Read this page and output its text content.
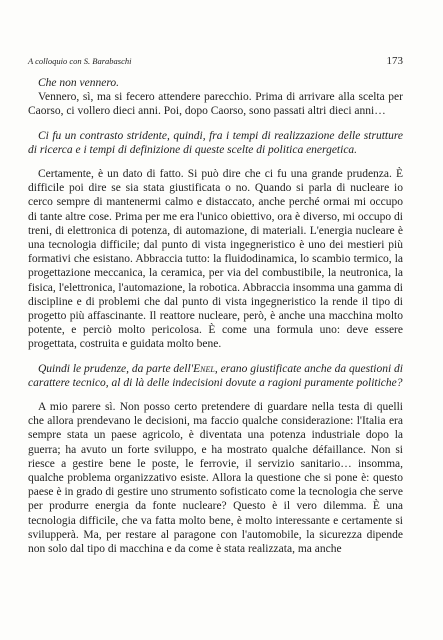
A colloquio con S. Barabaschi	173

Che non vennero.

Vennero, sì, ma si fecero attendere parecchio. Prima di arrivare alla scelta per Caorso, ci vollero dieci anni. Poi, dopo Caorso, sono passati altri dieci anni…

Ci fu un contrasto stridente, quindi, fra i tempi di realizzazione delle strutture di ricerca e i tempi di definizione di queste scelte di politica energetica.

Certamente, è un dato di fatto. Si può dire che ci fu una grande prudenza. È difficile poi dire se sia stata giustificata o no. Quando si parla di nucleare io cerco sempre di mantenermi calmo e distaccato, anche perché ormai mi occupo di tante altre cose. Prima per me era l'unico obiettivo, ora è diverso, mi occupo di treni, di elettronica di potenza, di automazione, di materiali. L'energia nucleare è una tecnologia difficile; dal punto di vista ingegneristico è uno dei mestieri più formativi che esistano. Abbraccia tutto: la fluidodinamica, lo scambio termico, la progettazione meccanica, la ceramica, per via del combustibile, la neutronica, la fisica, l'elettronica, l'automazione, la robotica. Abbraccia insomma una gamma di discipline e di problemi che dal punto di vista ingegneristico la rende il tipo di progetto più affascinante. Il reattore nucleare, però, è anche una macchina molto potente, e perciò molto pericolosa. È come una formula uno: deve essere progettata, costruita e guidata molto bene.

Quindi le prudenze, da parte dell'Enel, erano giustificate anche da questioni di carattere tecnico, al di là delle indecisioni dovute a ragioni puramente politiche?

A mio parere sì. Non posso certo pretendere di guardare nella testa di quelli che allora prendevano le decisioni, ma faccio qualche considerazione: l'Italia era sempre stata un paese agricolo, è diventata una potenza industriale dopo la guerra; ha avuto un forte sviluppo, e ha mostrato qualche défaillance. Non si riesce a gestire bene le poste, le ferrovie, il servizio sanitario… insomma, qualche problema organizzativo esiste. Allora la questione che si pone è: questo paese è in grado di gestire uno strumento sofisticato come la tecnologia che serve per produrre energia da fonte nucleare? Questo è il vero dilemma. È una tecnologia difficile, che va fatta molto bene, è molto interessante e certamente si svilupperà. Ma, per restare al paragone con l'automobile, la sicurezza dipende non solo dal tipo di macchina e da come è stata realizzata, ma anche
